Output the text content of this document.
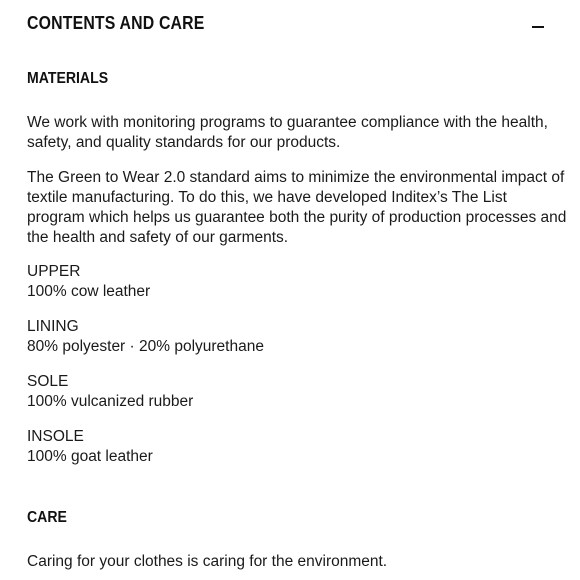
CONTENTS AND CARE
MATERIALS
We work with monitoring programs to guarantee compliance with the health, safety, and quality standards for our products.
The Green to Wear 2.0 standard aims to minimize the environmental impact of textile manufacturing. To do this, we have developed Inditex’s The List program which helps us guarantee both the purity of production processes and the health and safety of our garments.
UPPER
100% cow leather
LINING
80% polyester · 20% polyurethane
SOLE
100% vulcanized rubber
INSOLE
100% goat leather
CARE
Caring for your clothes is caring for the environment.
